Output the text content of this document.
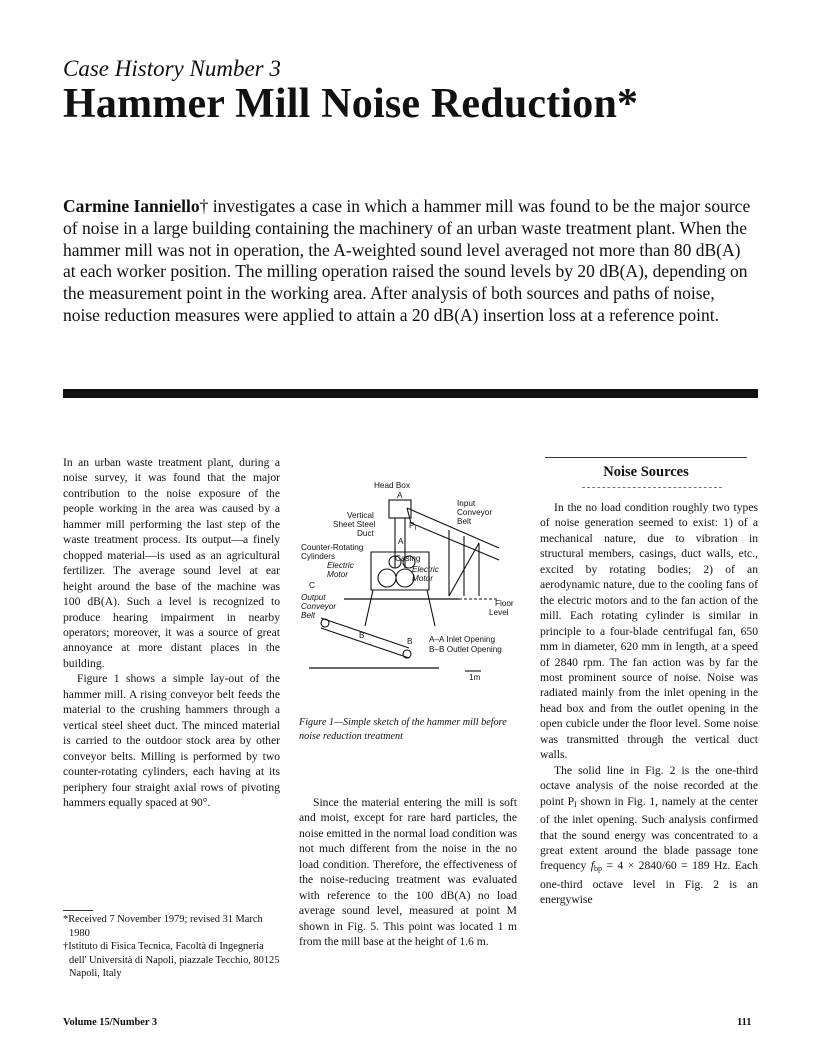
Case History Number 3
Hammer Mill Noise Reduction*

Carmine Ianniello† investigates a case in which a hammer mill was found to be the major source of noise in a large building containing the machinery of an urban waste treatment plant. When the hammer mill was not in operation, the A-weighted sound level averaged not more than 80 dB(A) at each worker position. The milling operation raised the sound levels by 20 dB(A), depending on the measurement point in the working area. After analysis of both sources and paths of noise, noise reduction measures were applied to attain a 20 dB(A) insertion loss at a reference point.

In an urban waste treatment plant, during a noise survey, it was found that the major contribution to the noise exposure of the people working in the area was caused by a hammer mill performing the last step of the waste treatment process. Its output—a finely chopped material—is used as an agricultural fertilizer. The average sound level at ear height around the base of the machine was 100 dB(A). Such a level is recognized to produce hearing impairment in nearby operators; moreover, it was a source of great annoyance at more distant places in the building.

Figure 1 shows a simple lay-out of the hammer mill. A rising conveyor belt feeds the material to the crushing hammers through a vertical steel sheet duct. The minced material is carried to the outdoor stock area by other conveyor belts. Milling is performed by two counter-rotating cylinders, each having at its periphery four straight axial rows of pivoting hammers equally spaced at 90°.

*Received 7 November 1979; revised 31 March 1980

†Istituto di Fisica Tecnica, Facoltà di Ingegneria dell' Università di Napoli, piazzale Tecchio, 80125 Napoli, Italy

Head Box
A
Vertical
Sheet Steel
Duct
Input
Conveyor
Belt
$P_I$
Counter-Rotating
Cylinders
A
Casing
Electric
Motor
Electric
Motor
C
Output
Conveyor
Belt
Floor
Level
B
B	A–A Inlet Opening
B–B Outlet Opening
1m
Figure 1—Simple sketch of the hammer mill before noise reduction treatment

Since the material entering the mill is soft and moist, except for rare hard particles, the noise emitted in the normal load condition was not much different from the noise in the no load condition. Therefore, the effectiveness of the noise-reducing treatment was evaluated with reference to the 100 dB(A) no load average sound level, measured at point M shown in Fig. 5. This point was located 1 m from the mill base at the height of 1.6 m.

Noise Sources

In the no load condition roughly two types of noise generation seemed to exist: 1) of a mechanical nature, due to vibration in structural members, casings, duct walls, etc., excited by rotating bodies; 2) of an aerodynamic nature, due to the cooling fans of the electric motors and to the fan action of the mill. Each rotating cylinder is similar in principle to a four-blade centrifugal fan, 650 mm in diameter, 620 mm in length, at a speed of 2840 rpm. The fan action was by far the most prominent source of noise. Noise was radiated mainly from the inlet opening in the head box and from the outlet opening in the open cubicle under the floor level. Some noise was transmitted through the vertical duct walls.

The solid line in Fig. 2 is the one-third octave analysis of the noise recorded at the point $P_I$ shown in Fig. 1, namely at the center of the inlet opening. Such analysis confirmed that the sound energy was concentrated to a great extent around the blade passage tone frequency $f_{bp} = 4 \times 2840/60 = 189$ Hz. Each one-third octave level in Fig. 2 is an energywise

Volume 15/Number 3	111
